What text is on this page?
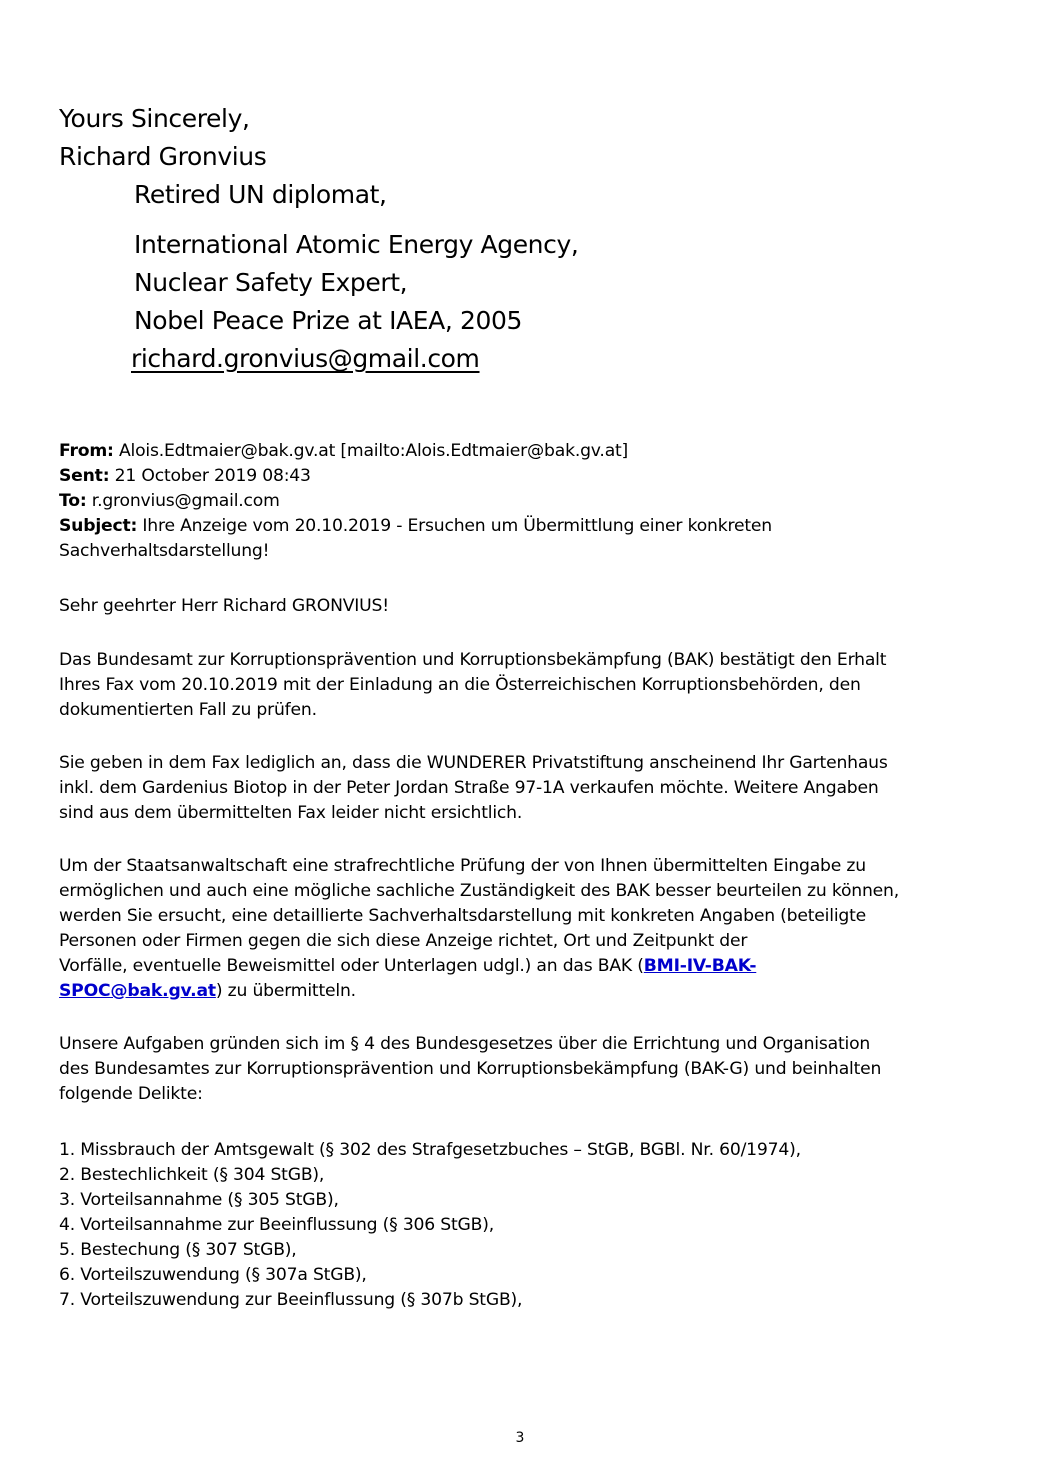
Yours Sincerely,
Richard Gronvius
Retired UN diplomat,
International Atomic Energy Agency,
Nuclear Safety Expert,
Nobel Peace Prize at IAEA, 2005
richard.gronvius@gmail.com
From: Alois.Edtmaier@bak.gv.at [mailto:Alois.Edtmaier@bak.gv.at]
Sent: 21 October 2019 08:43
To: r.gronvius@gmail.com
Subject: Ihre Anzeige vom 20.10.2019 - Ersuchen um Übermittlung einer konkreten
Sachverhaltsdarstellung!
Sehr geehrter Herr Richard GRONVIUS!
Das Bundesamt zur Korruptionsprävention und Korruptionsbekämpfung (BAK) bestätigt den Erhalt
Ihres Fax vom 20.10.2019 mit der Einladung an die Österreichischen Korruptionsbehörden, den
dokumentierten Fall zu prüfen.
Sie geben in dem Fax lediglich an, dass die WUNDERER Privatstiftung anscheinend Ihr Gartenhaus
inkl. dem Gardenius Biotop in der Peter Jordan Straße 97-1A verkaufen möchte. Weitere Angaben
sind aus dem übermittelten Fax leider nicht ersichtlich.
Um der Staatsanwaltschaft eine strafrechtliche Prüfung der von Ihnen übermittelten Eingabe zu
ermöglichen und auch eine mögliche sachliche Zuständigkeit des BAK besser beurteilen zu können,
werden Sie ersucht, eine detaillierte Sachverhaltsdarstellung mit konkreten Angaben (beteiligte
Personen oder Firmen gegen die sich diese Anzeige richtet, Ort und Zeitpunkt der
Vorfälle, eventuelle Beweismittel oder Unterlagen udgl.) an das BAK (BMI-IV-BAK-
SPOC@bak.gv.at) zu übermitteln.
Unsere Aufgaben gründen sich im § 4 des Bundesgesetzes über die Errichtung und Organisation
des Bundesamtes zur Korruptionsprävention und Korruptionsbekämpfung (BAK-G) und beinhalten
folgende Delikte:
1. Missbrauch der Amtsgewalt (§ 302 des Strafgesetzbuches – StGB, BGBl. Nr. 60/1974),
2. Bestechlichkeit (§ 304 StGB),
3. Vorteilsannahme (§ 305 StGB),
4. Vorteilsannahme zur Beeinflussung (§ 306 StGB),
5. Bestechung (§ 307 StGB),
6. Vorteilszuwendung (§ 307a StGB),
7. Vorteilszuwendung zur Beeinflussung (§ 307b StGB),
3
